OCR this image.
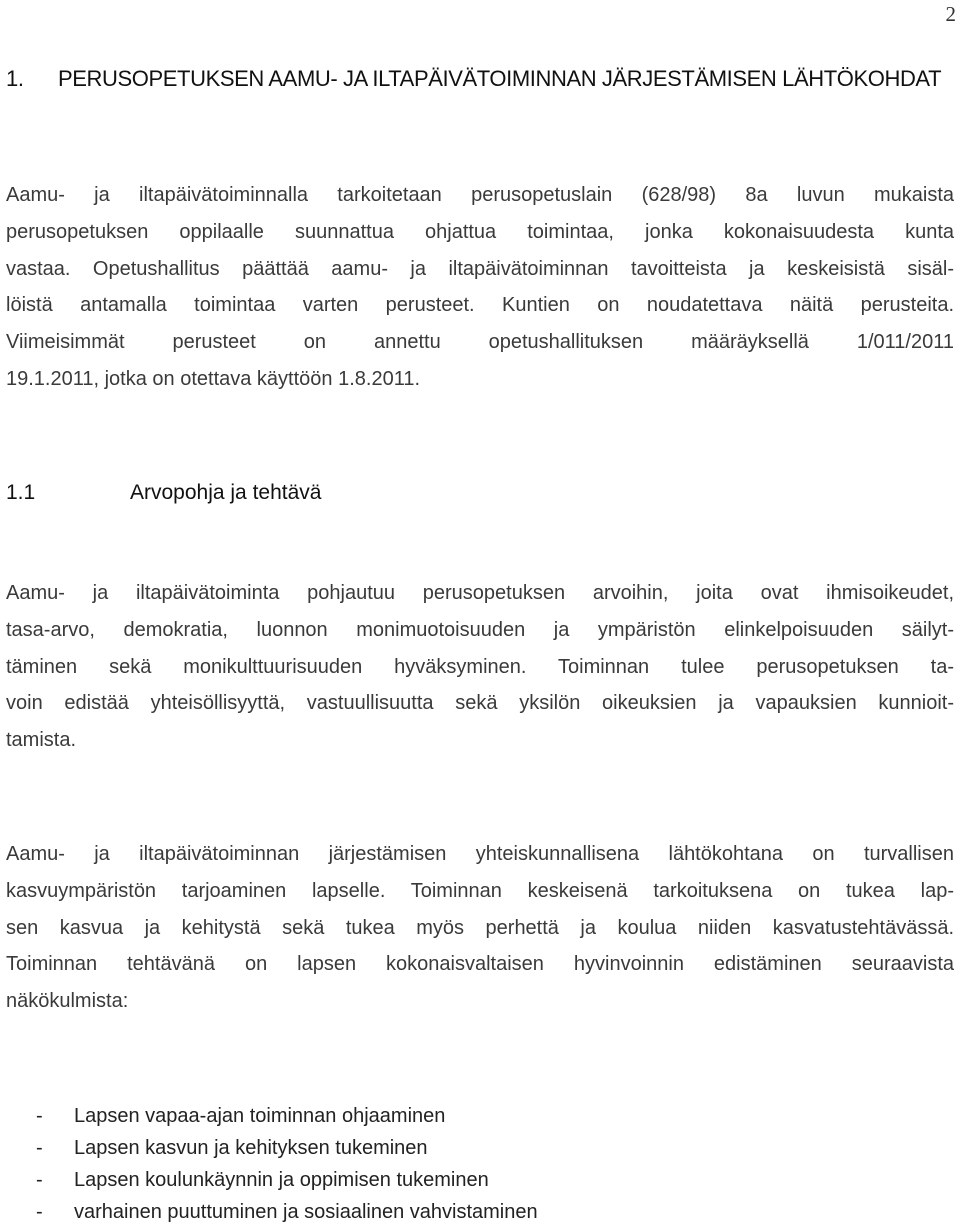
2
1. PERUSOPETUKSEN AAMU- JA ILTAPÄIVÄTOIMINNAN JÄRJESTÄMISEN LÄHTÖKOHDAT
Aamu- ja iltapäivätoiminnalla tarkoitetaan perusopetuslain (628/98) 8a luvun mukaista
perusopetuksen oppilaalle suunnattua ohjattua toimintaa, jonka kokonaisuudesta kunta
vastaa. Opetushallitus päättää aamu- ja iltapäivätoiminnan tavoitteista ja keskeisistä sisäl-
löistä antamalla toimintaa varten perusteet. Kuntien on noudatettava näitä perusteita.
Viimeisimmät perusteet on annettu opetushallituksen määräyksellä 1/011/2011
19.1.2011, jotka on otettava käyttöön 1.8.2011.
1.1	Arvopohja ja tehtävä
Aamu- ja iltapäivätoiminta pohjautuu perusopetuksen arvoihin, joita ovat ihmisoikeudet,
tasa-arvo, demokratia, luonnon monimuotoisuuden ja ympäristön elinkelpoisuuden säilyt-
täminen sekä monikulttuurisuuden hyväksyminen. Toiminnan tulee perusopetuksen ta-
voin edistää yhteisöllisyyttä, vastuullisuutta sekä yksilön oikeuksien ja vapauksien kunnioit-
tamista.
Aamu- ja iltapäivätoiminnan järjestämisen yhteiskunnallisena lähtökohtana on turvallisen
kasvuympäristön tarjoaminen lapselle. Toiminnan keskeisenä tarkoituksena on tukea lap-
sen kasvua ja kehitystä sekä tukea myös perhettä ja koulua niiden kasvatustehtävässä.
Toiminnan tehtävänä on lapsen kokonaisvaltaisen hyvinvoinnin edistäminen seuraavista
näkökulmista:
- Lapsen vapaa-ajan toiminnan ohjaaminen
- Lapsen kasvun ja kehityksen tukeminen
- Lapsen koulunkäynnin ja oppimisen tukeminen
- varhainen puuttuminen ja sosiaalinen vahvistaminen
